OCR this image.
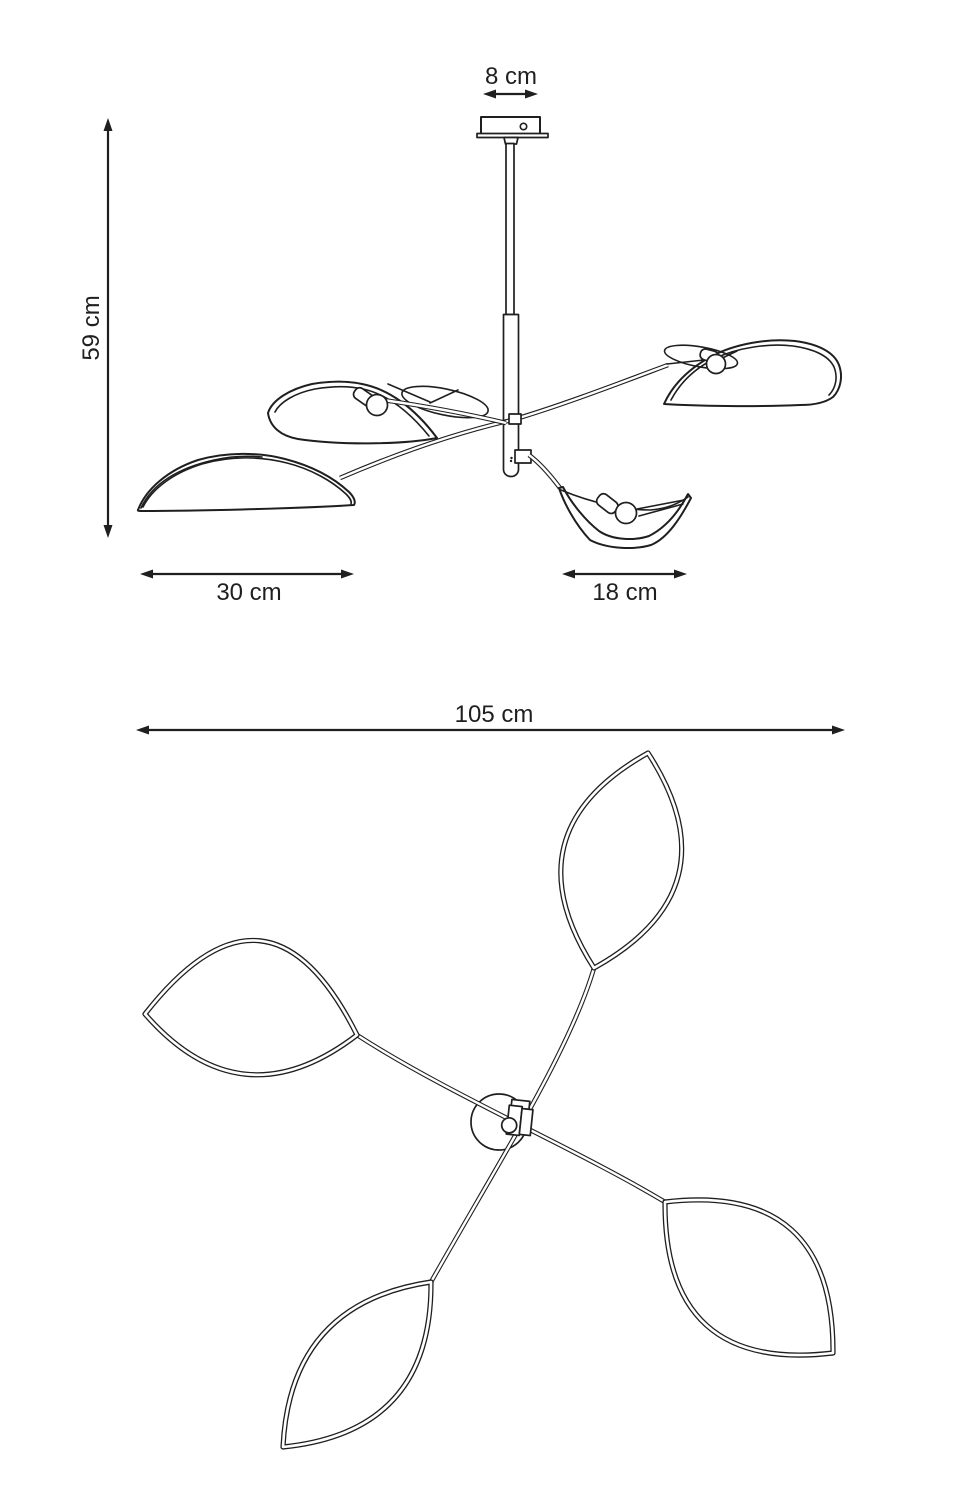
8 cm
59 cm
30 cm	18 cm
105 cm
